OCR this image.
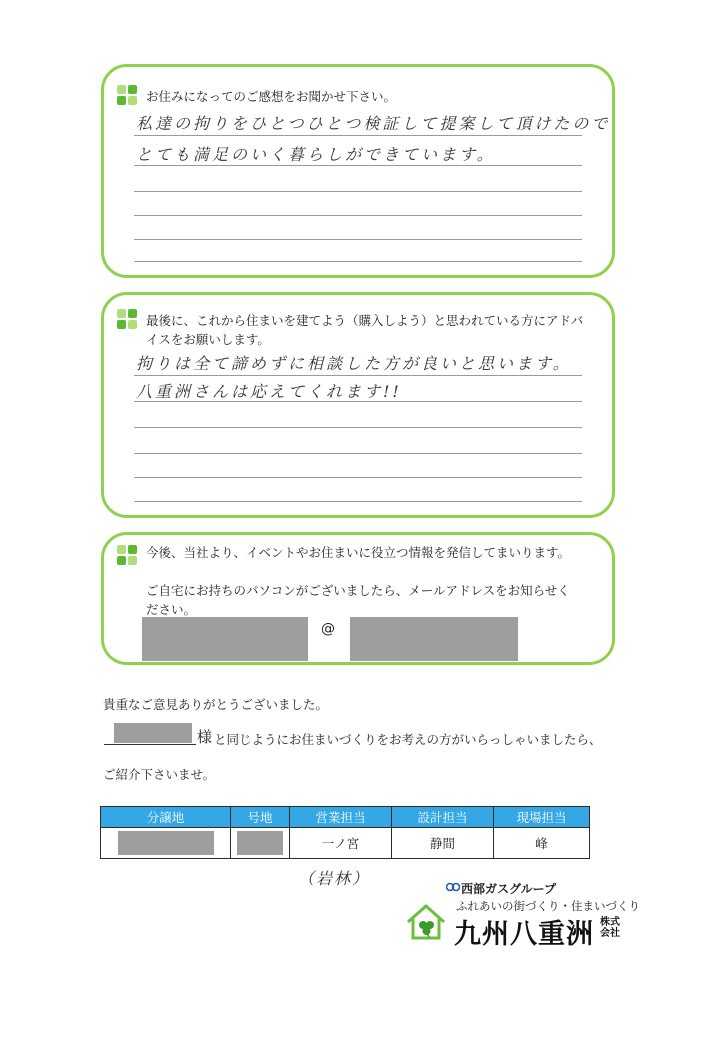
お住みになってのご感想をお聞かせ下さい。
私達の拘りをひとつひとつ検証して提案して頂けたので
とても満足のいく暮らしができています。
最後に、これから住まいを建てよう（購入しよう）と思われている方にアドバイスをお願いします。
拘りは全て諦めずに相談した方が良いと思います。
八重洲さんは応えてくれます!!
今後、当社より、イベントやお住まいに役立つ情報を発信してまいります。
ご自宅にお持ちのパソコンがございましたら、メールアドレスをお知らせください。
@
貴重なご意見ありがとうございました。
様 と同じようにお住まいづくりをお考えの方がいらっしゃいましたら、
ご紹介下さいませ。
分譲地	号地	営業担当	設計担当	現場担当
		一ノ宮	静間	峰
（岩林）
西部ガスグループ
ふれあいの街づくり・住まいづくり
九州八重洲 株式会社
